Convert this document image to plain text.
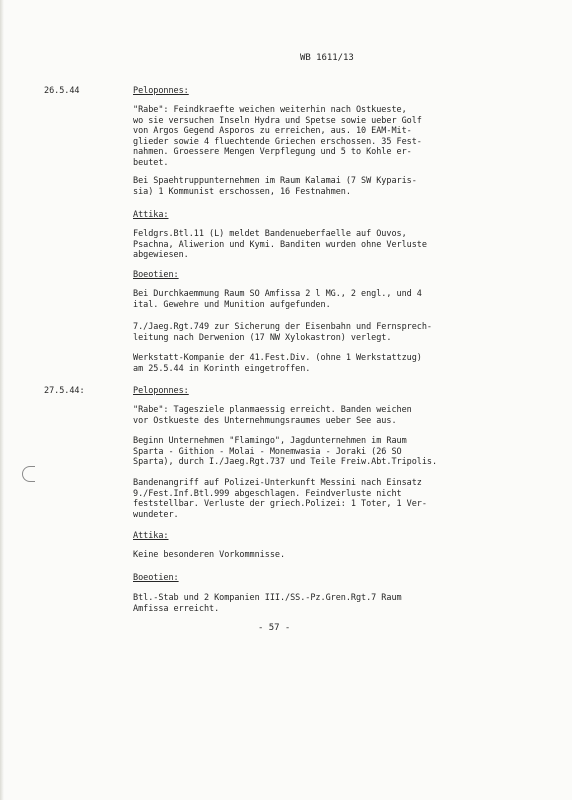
WB 1611/13
26.5.44	Peloponnes:
"Rabe": Feindkraefte weichen weiterhin nach Ostkueste,
wo sie versuchen Inseln Hydra und Spetse sowie ueber Golf
von Argos Gegend Asporos zu erreichen, aus. 10 EAM-Mit-
glieder sowie 4 fluechtende Griechen erschossen. 35 Fest-
nahmen. Groessere Mengen Verpflegung und 5 to Kohle er-
beutet.
Bei Spaehtruppunternehmen im Raum Kalamai (7 SW Kyparis-
sia) 1 Kommunist erschossen, 16 Festnahmen.
Attika:
Feldgrs.Btl.11 (L) meldet Bandenueberfaelle auf Ouvos,
Psachna, Aliwerion und Kymi. Banditen wurden ohne Verluste
abgewiesen.
Boeotien:
Bei Durchkaemmung Raum SO Amfissa 2 l MG., 2 engl., und 4
ital. Gewehre und Munition aufgefunden.
7./Jaeg.Rgt.749 zur Sicherung der Eisenbahn und Fernsprech-
leitung nach Derwenion (17 NW Xylokastron) verlegt.
Werkstatt-Kompanie der 41.Fest.Div. (ohne 1 Werkstattzug)
am 25.5.44 in Korinth eingetroffen.
27.5.44:	Peloponnes:
"Rabe": Tagesziele planmaessig erreicht. Banden weichen
vor Ostkueste des Unternehmungsraumes ueber See aus.
Beginn Unternehmen "Flamingo", Jagdunternehmen im Raum
Sparta - Githion - Molai - Monemwasia - Joraki (26 SO
Sparta), durch I./Jaeg.Rgt.737 und Teile Freiw.Abt.Tripolis.
Bandenangriff auf Polizei-Unterkunft Messini nach Einsatz
9./Fest.Inf.Btl.999 abgeschlagen. Feindverluste nicht
feststellbar. Verluste der griech.Polizei: 1 Toter, 1 Ver-
wundeter.
Attika:
Keine besonderen Vorkommnisse.
Boeotien:
Btl.-Stab und 2 Kompanien III./SS.-Pz.Gren.Rgt.7 Raum
Amfissa erreicht.
- 57 -
